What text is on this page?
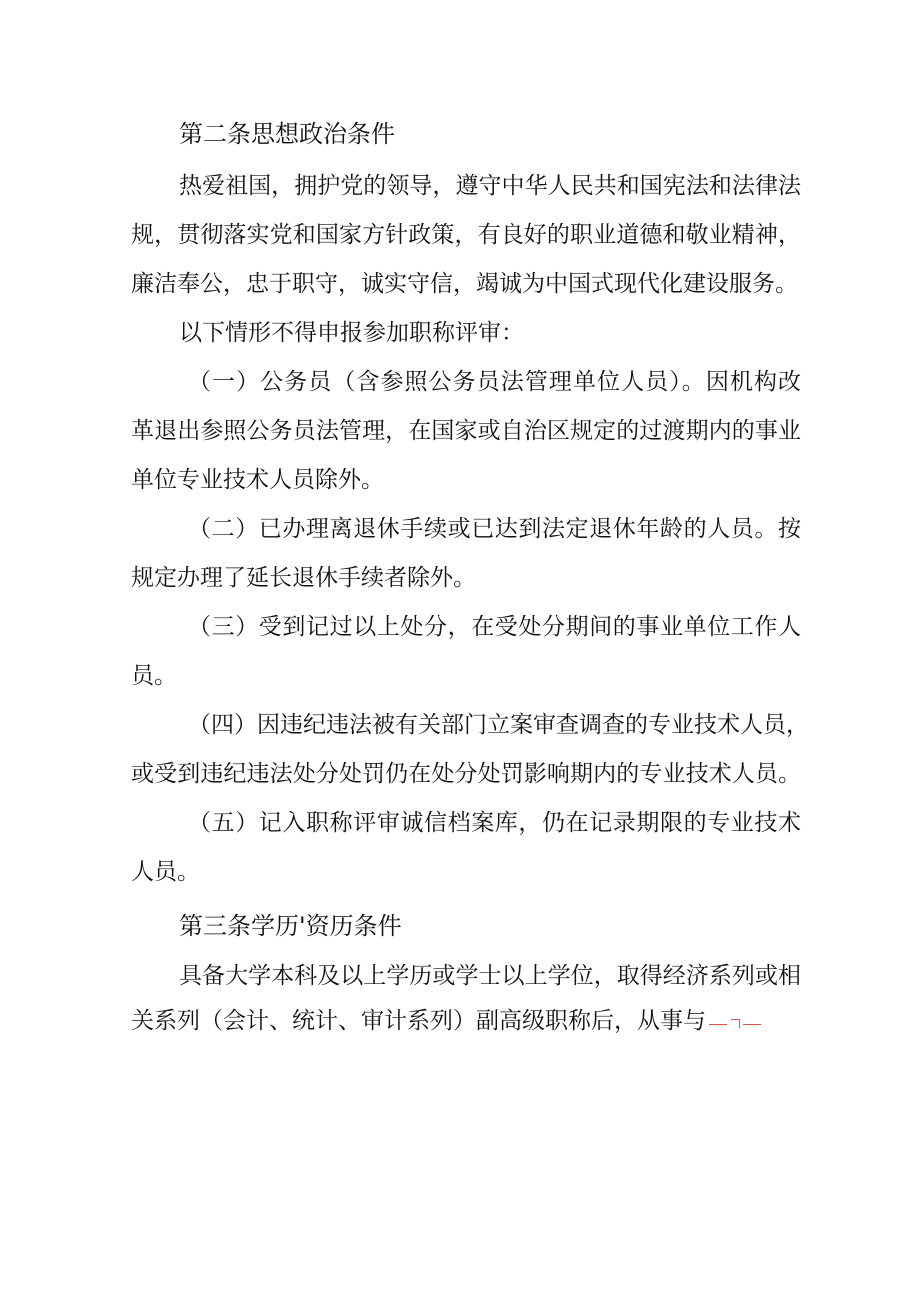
第二条思想政治条件
热爱祖国，拥护党的领导，遵守中华人民共和国宪法和法律法
规，贯彻落实党和国家方针政策，有良好的职业道德和敬业精神，
廉洁奉公，忠于职守，诚实守信，竭诚为中国式现代化建设服务。
以下情形不得申报参加职称评审：
（一）公务员（含参照公务员法管理单位人员）。因机构改
革退出参照公务员法管理，在国家或自治区规定的过渡期内的事业
单位专业技术人员除外。
（二）已办理离退休手续或已达到法定退休年龄的人员。按
规定办理了延长退休手续者除外。
（三）受到记过以上处分，在受处分期间的事业单位工作人
员。
（四）因违纪违法被有关部门立案审查调查的专业技术人员，
或受到违纪违法处分处罚仍在处分处罚影响期内的专业技术人员。
（五）记入职称评审诚信档案库，仍在记录期限的专业技术
人员。
第三条学历'资历条件
具备大学本科及以上学历或学士以上学位，取得经济系列或相
关系列（会计、统计、审计系列）副高级职称后，从事与
